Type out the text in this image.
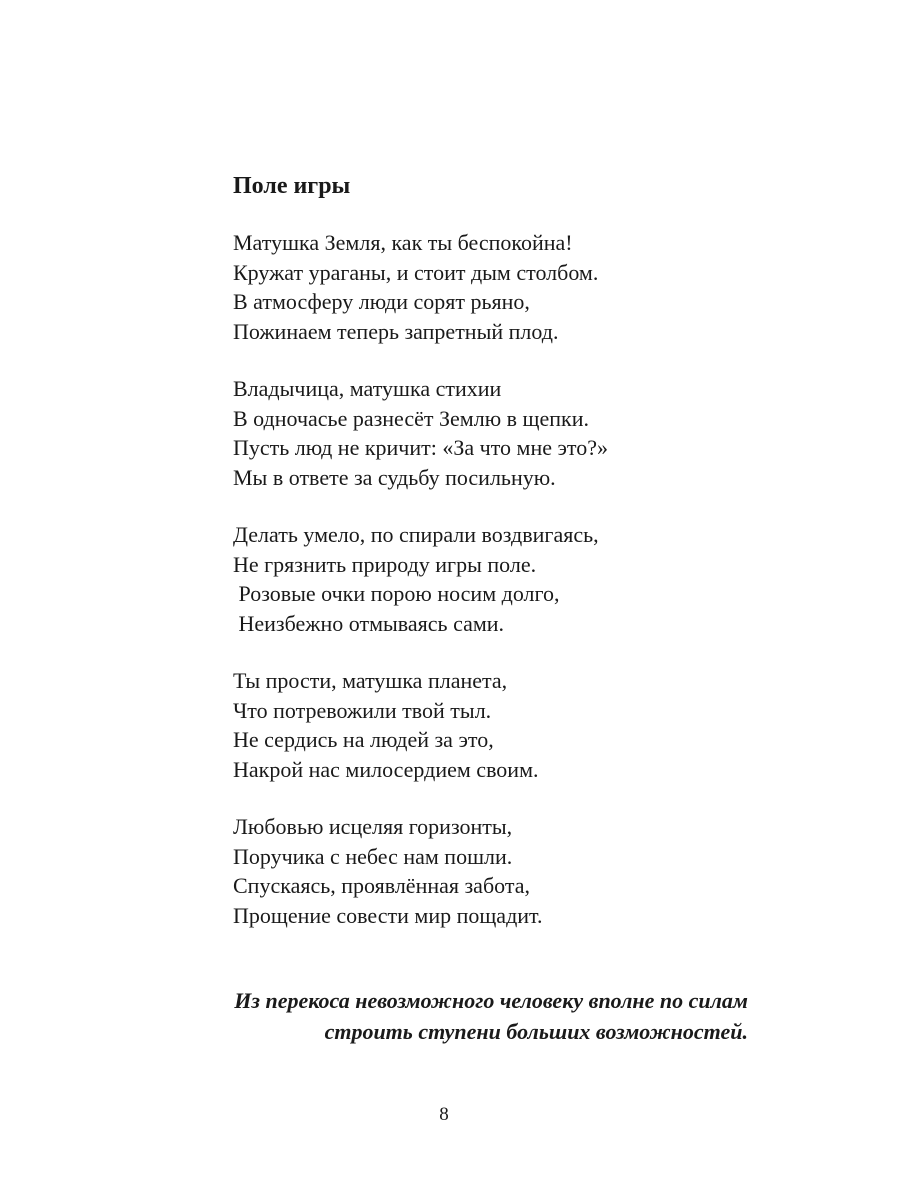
Поле игры

Матушка Земля, как ты беспокойна!

Кружат ураганы, и стоит дым столбом.

В атмосферу люди сорят рьяно,

Пожинаем теперь запретный плод.

Владычица, матушка стихии

В одночасье разнесёт Землю в щепки.

Пусть люд не кричит: «За что мне это?»

Мы в ответе за судьбу посильную.

Делать умело, по спирали воздвигаясь,

Не грязнить природу игры поле.

Розовые очки порою носим долго,

Неизбежно отмываясь сами.

Ты прости, матушка планета,

Что потревожили твой тыл.

Не сердись на людей за это,

Накрой нас милосердием своим.

Любовью исцеляя горизонты,

Поручика с небес нам пошли.

Спускаясь, проявлённая забота,

Прощение совести мир пощадит.

Из перекоса невозможного человеку вполне по силам

строить ступени больших возможностей.

8
